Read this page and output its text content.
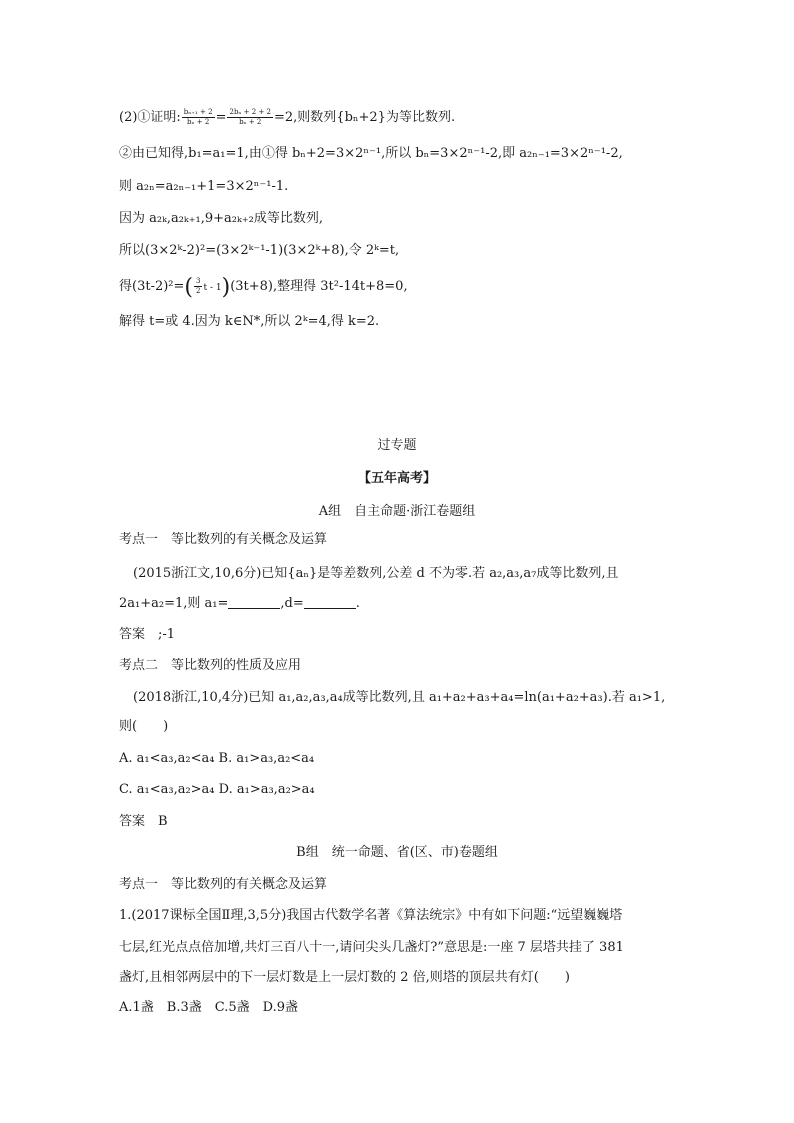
(2)①证明: $\frac{\text{bₙ₊₁ + 2}}{\text{bₙ + 2}} = \frac{\text{2bₙ + 2 + 2}}{\text{bₙ + 2}} =2$,则数列{bₙ+2}为等比数列.
②由已知得,b₁=a₁=1,由①得 bₙ+2=3×2ⁿ⁻¹,所以 bₙ=3×2ⁿ⁻¹-2,即 a₂ₙ₋₁=3×2ⁿ⁻¹-2,
则 a₂ₙ=a₂ₙ₋₁+1=3×2ⁿ⁻¹-1.
因为 a₂ₖ,a₂ₖ₊₁,9+a₂ₖ₊₂成等比数列,
所以(3×2ᵏ-2)²=(3×2ᵏ⁻¹-1)(3×2ᵏ+8),令 2ᵏ=t,
得$(3t-2)^2=( \frac{3}{2}$ t - 1)(3t+8),整理得 3t²-14t+8=0,
解得 t=或 4.因为 k∈N*,所以 2ᵏ=4,得 k=2.
过专题
【五年高考】
A组　自主命题·浙江卷题组
考点一　等比数列的有关概念及运算
(2015浙江文,10,6分)已知{aₙ}是等差数列,公差 d 不为零.若 a₂,a₃,a₇成等比数列,且
2a₁+a₂=1,则 a₁=	,d=	.
答案　;-1
考点二　等比数列的性质及应用
(2018浙江,10,4分)已知 a₁,a₂,a₃,a₄成等比数列,且 a₁+a₂+a₃+a₄=ln(a₁+a₂+a₃).若 a₁>1,
则(　　)
A. a₁<a₃,a₂<a₄ B. a₁>a₃,a₂<a₄
C. a₁<a₃,a₂>a₄ D. a₁>a₃,a₂>a₄
答案　B
B组　统一命题、省(区、市)卷题组
考点一　等比数列的有关概念及运算
1.(2017课标全国Ⅱ理,3,5分)我国古代数学名著《算法统宗》中有如下问题:“远望巍巍塔
七层,红光点点倍加增,共灯三百八十一,请问尖头几盏灯?”意思是:一座 7 层塔共挂了 381
盏灯,且相邻两层中的下一层灯数是上一层灯数的 2 倍,则塔的顶层共有灯(　　)
A.1盏　B.3盏　C.5盏　D.9盏
